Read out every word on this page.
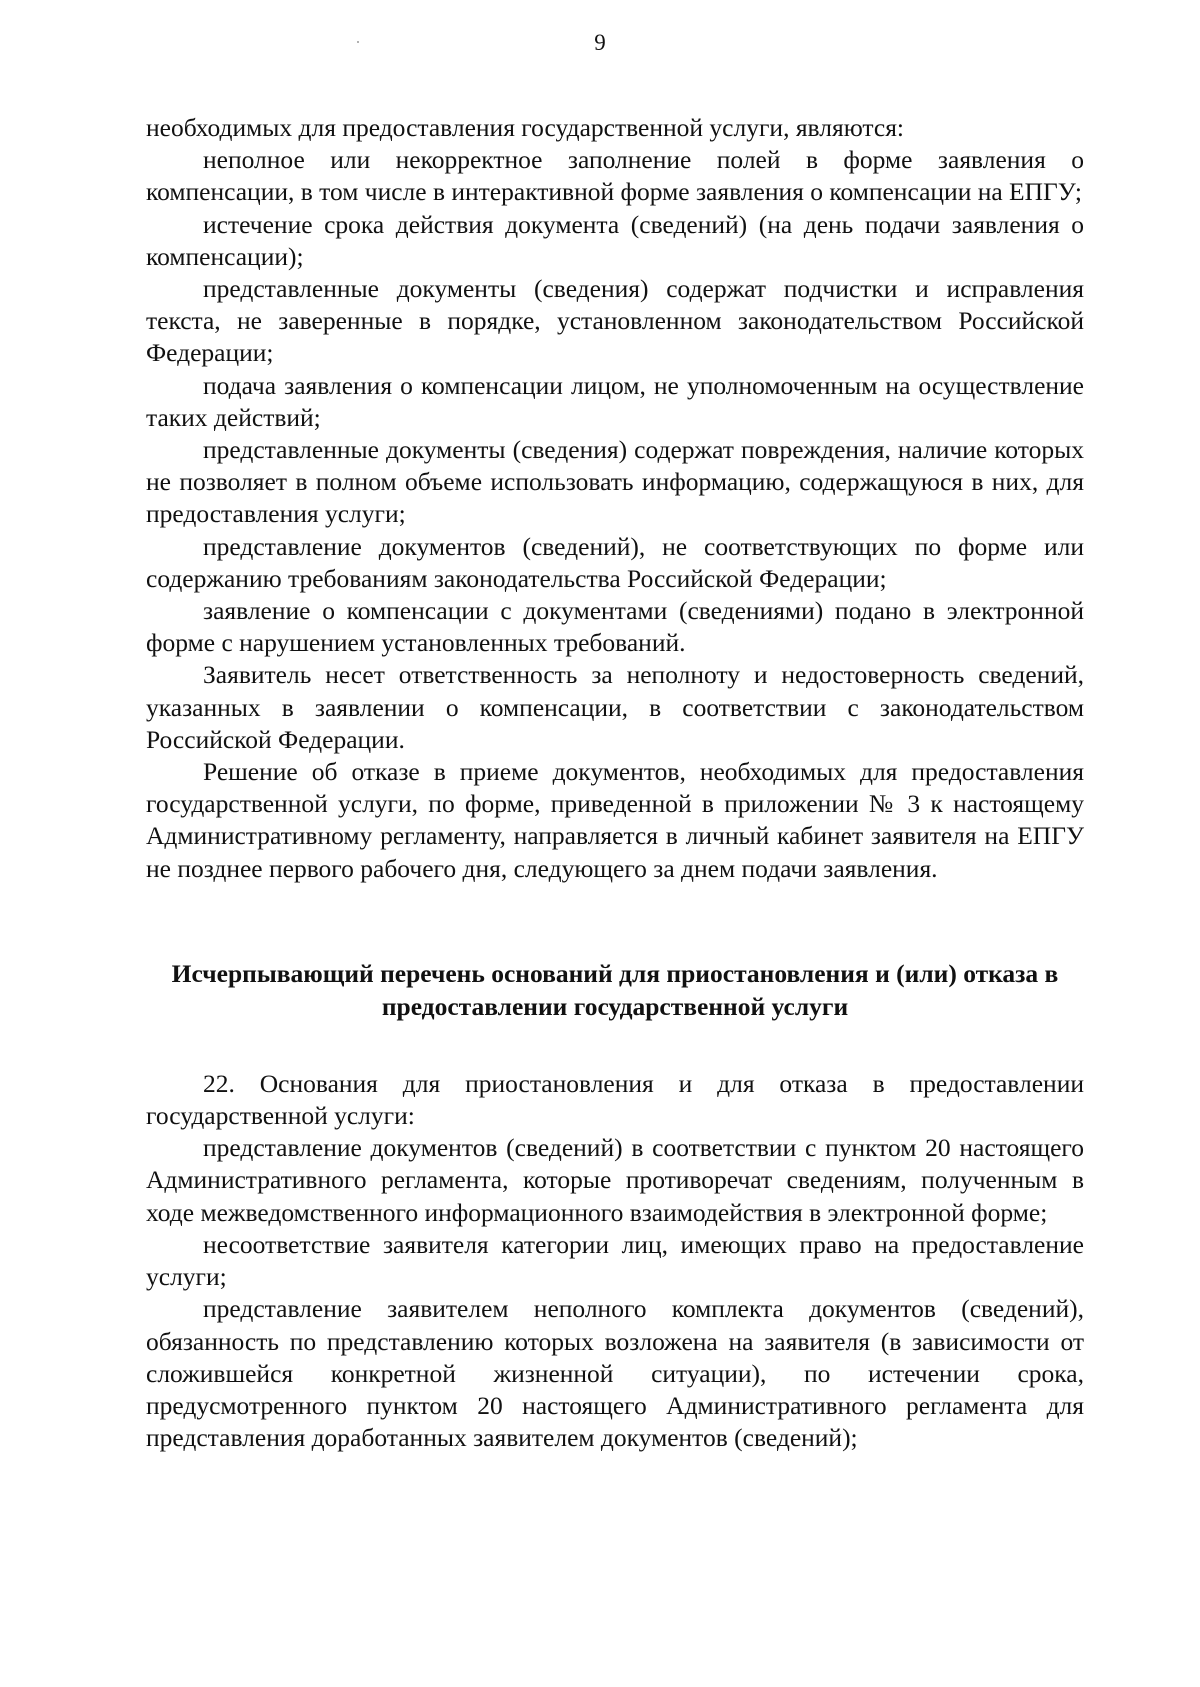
9

необходимых для предоставления государственной услуги, являются:

неполное или некорректное заполнение полей в форме заявления о компенсации, в том числе в интерактивной форме заявления о компенсации на ЕПГУ;

истечение срока действия документа (сведений) (на день подачи заявления о компенсации);

представленные документы (сведения) содержат подчистки и исправления текста, не заверенные в порядке, установленном законодательством Российской Федерации;

подача заявления о компенсации лицом, не уполномоченным на осуществление таких действий;

представленные документы (сведения) содержат повреждения, наличие которых не позволяет в полном объеме использовать информацию, содержащуюся в них, для предоставления услуги;

представление документов (сведений), не соответствующих по форме или содержанию требованиям законодательства Российской Федерации;

заявление о компенсации с документами (сведениями) подано в электронной форме с нарушением установленных требований.

Заявитель несет ответственность за неполноту и недостоверность сведений, указанных в заявлении о компенсации, в соответствии с законодательством Российской Федерации.

Решение об отказе в приеме документов, необходимых для предоставления государственной услуги, по форме, приведенной в приложении № 3 к настоящему Административному регламенту, направляется в личный кабинет заявителя на ЕПГУ не позднее первого рабочего дня, следующего за днем подачи заявления.

Исчерпывающий перечень оснований для приостановления и (или) отказа в предоставлении государственной услуги

22. Основания для приостановления и для отказа в предоставлении государственной услуги:

представление документов (сведений) в соответствии с пунктом 20 настоящего Административного регламента, которые противоречат сведениям, полученным в ходе межведомственного информационного взаимодействия в электронной форме;

несоответствие заявителя категории лиц, имеющих право на предоставление услуги;

представление заявителем неполного комплекта документов (сведений), обязанность по представлению которых возложена на заявителя (в зависимости от сложившейся конкретной жизненной ситуации), по истечении срока, предусмотренного пунктом 20 настоящего Административного регламента для представления доработанных заявителем документов (сведений);
